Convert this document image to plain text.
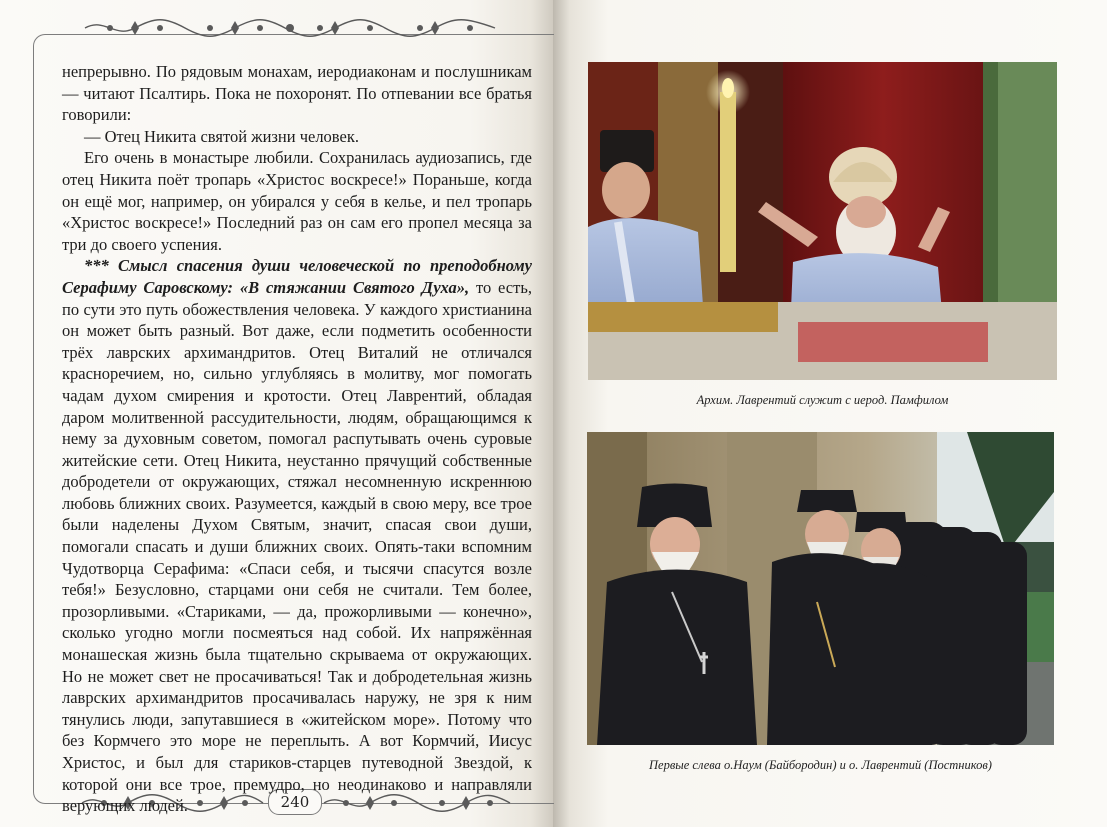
240

непрерывно. По рядовым монахам, иеродиаконам и послушникам — читают Псалтирь. Пока не похоронят. По отпевании все братья говорили:

— Отец Никита святой жизни человек.

Его очень в монастыре любили. Сохранилась аудиозапись, где отец Никита поёт тропарь «Христос воскресе!» Пораньше, когда он ещё мог, например, он убирался у себя в келье, и пел тропарь «Христос воскресе!» Последний раз он сам его пропел месяца за три до своего успения.

*** Смысл спасения души человеческой по преподобному Серафиму Саровскому: «В стяжании Святого Духа», то есть, по сути это путь обожествления человека. У каждого христианина он может быть разный. Вот даже, если подметить особенности трёх лаврских архимандритов. Отец Виталий не отличался красноречием, но, сильно углубляясь в молитву, мог помогать чадам духом смирения и кротости. Отец Лаврентий, обладая даром молитвенной рассудительности, людям, обращающимся к нему за духовным советом, помогал распутывать очень суровые житейские сети. Отец Никита, неустанно прячущий собственные добродетели от окружающих, стяжал несомненную искреннюю любовь ближних своих. Разумеется, каждый в свою меру, все трое были наделены Духом Святым, значит, спасая свои души, помогали спасать и души ближних своих. Опять-таки вспомним Чудотворца Серафима: «Спаси себя, и тысячи спасутся возле тебя!» Безусловно, старцами они себя не считали. Тем более, прозорливыми. «Стариками, — да, прожорливыми — конечно», сколько угодно могли посмеяться над собой. Их напряжённая монашеская жизнь была тщательно скрываема от окружающих. Но не может свет не просачиваться! Так и добродетельная жизнь лаврских архимандритов просачивалась наружу, не зря к ним тянулись люди, запутавшиеся в «житейском море». Потому что без Кормчего это море не переплыть. А вот Кормчий, Иисус Христос, и был для стариков-старцев путеводной Звездой, к которой они все трое, премудро, но неодинаково и направляли верующих людей.

Архим. Лаврентий служит с иерод. Памфилом
Первые слева о.Наум (Байбородин) и о. Лаврентий (Постников)
